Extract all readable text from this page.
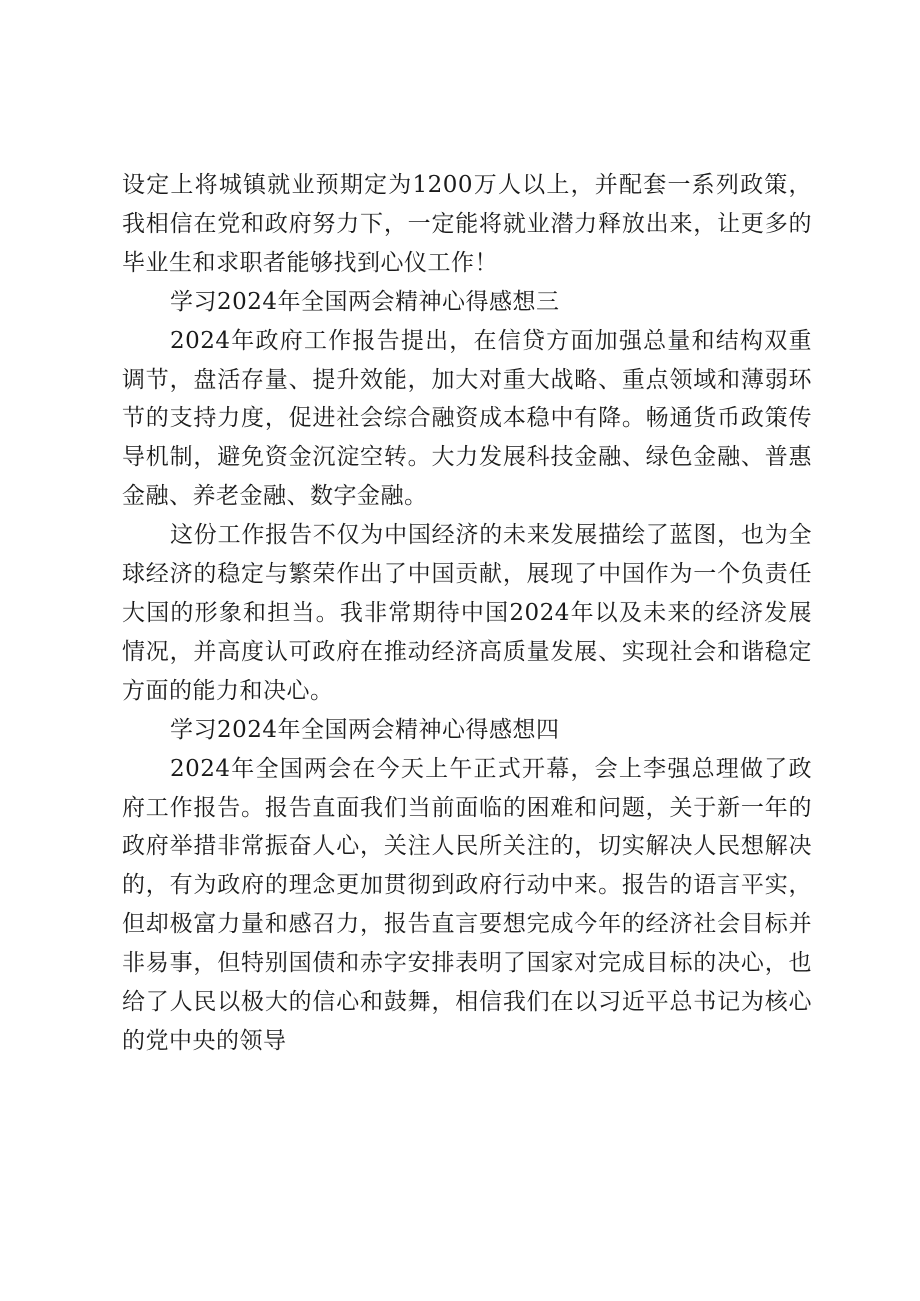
设定上将城镇就业预期定为1200万人以上，并配套一系列政策，我相信在党和政府努力下，一定能将就业潜力释放出来，让更多的毕业生和求职者能够找到心仪工作！

学习2024年全国两会精神心得感想三

2024年政府工作报告提出，在信贷方面加强总量和结构双重调节，盘活存量、提升效能，加大对重大战略、重点领域和薄弱环节的支持力度，促进社会综合融资成本稳中有降。畅通货币政策传导机制，避免资金沉淀空转。大力发展科技金融、绿色金融、普惠金融、养老金融、数字金融。

这份工作报告不仅为中国经济的未来发展描绘了蓝图，也为全球经济的稳定与繁荣作出了中国贡献，展现了中国作为一个负责任大国的形象和担当。我非常期待中国2024年以及未来的经济发展情况，并高度认可政府在推动经济高质量发展、实现社会和谐稳定方面的能力和决心。

学习2024年全国两会精神心得感想四

2024年全国两会在今天上午正式开幕，会上李强总理做了政府工作报告。报告直面我们当前面临的困难和问题，关于新一年的政府举措非常振奋人心，关注人民所关注的，切实解决人民想解决的，有为政府的理念更加贯彻到政府行动中来。报告的语言平实，但却极富力量和感召力，报告直言要想完成今年的经济社会目标并非易事，但特别国债和赤字安排表明了国家对完成目标的决心，也给了人民以极大的信心和鼓舞，相信我们在以习近平总书记为核心的党中央的领导
